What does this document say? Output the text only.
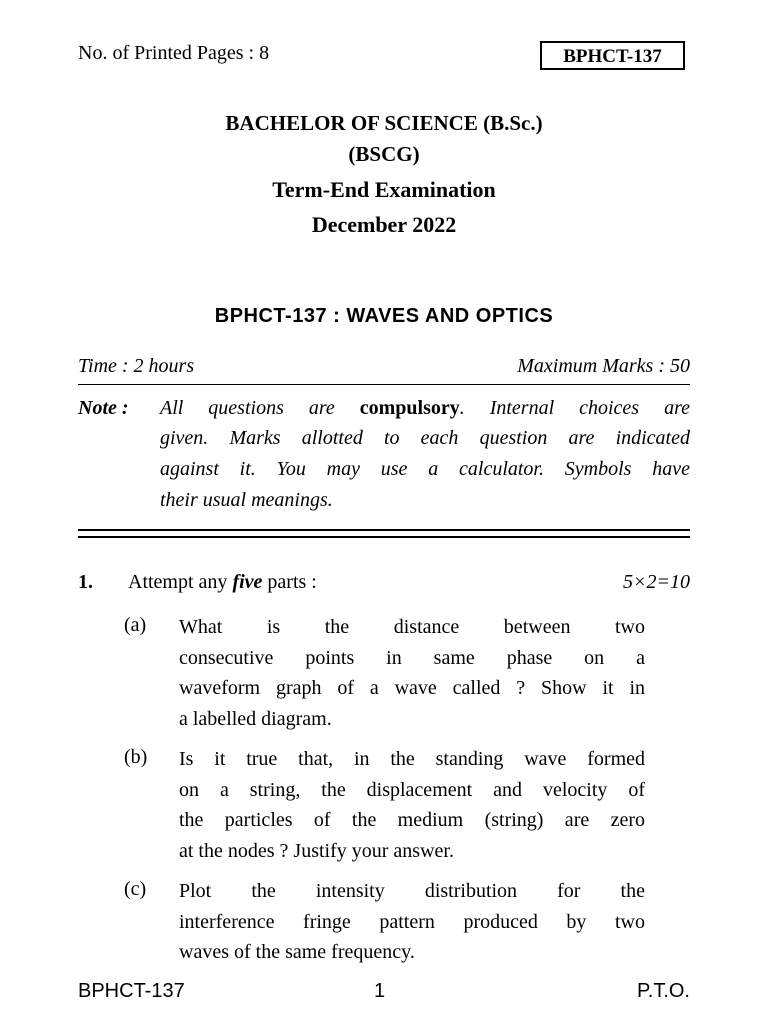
No. of Printed Pages : 8	BPHCT-137
BACHELOR OF SCIENCE (B.Sc.)
(BSCG)
Term-End Examination
December 2022
BPHCT-137 : WAVES AND OPTICS
Time : 2 hours	Maximum Marks : 50
Note : All questions are compulsory. Internal choices are
given. Marks allotted to each question are indicated
against it. You may use a calculator. Symbols have
their usual meanings.
1. Attempt any five parts :	5×2=10
(a) What is the distance between two
consecutive points in same phase on a
waveform graph of a wave called ? Show it in
a labelled diagram.
(b) Is it true that, in the standing wave formed
on a string, the displacement and velocity of
the particles of the medium (string) are zero
at the nodes ? Justify your answer.
(c) Plot the intensity distribution for the
interference fringe pattern produced by two
waves of the same frequency.
BPHCT-137	1	P.T.O.
